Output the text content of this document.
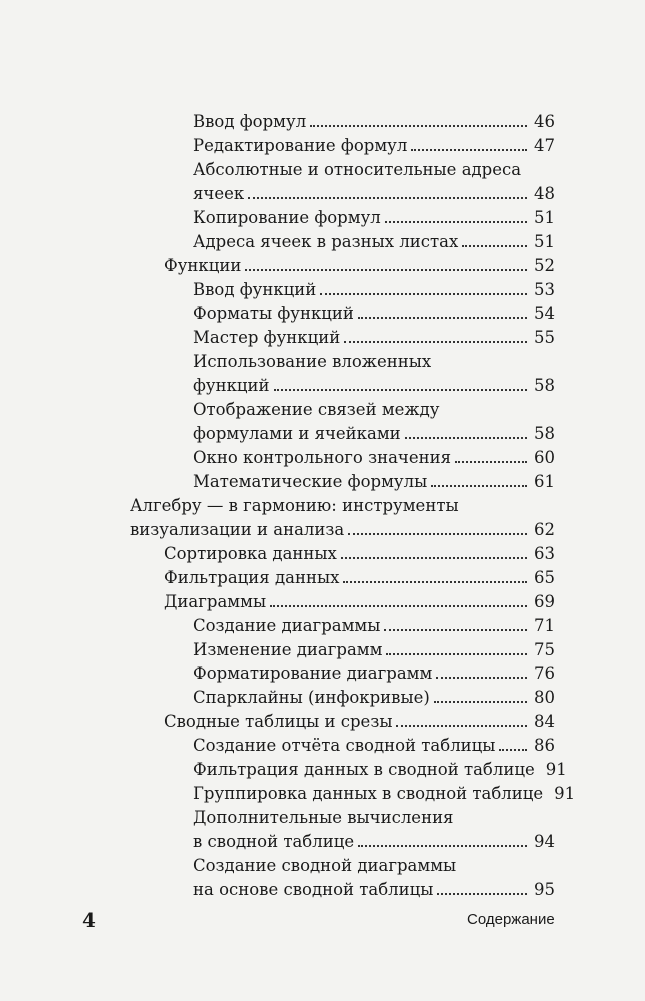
Ввод формул	46
Редактирование формул	47
Абсолютные и относительные адреса
ячеек	48
Копирование формул	51
Адреса ячеек в разных листах	51
Функции	52
Ввод функций	53
Форматы функций	54
Мастер функций	55
Использование вложенных
функций	58
Отображение связей между
формулами и ячейками	58
Окно контрольного значения	60
Математические формулы	61
Алгебру — в гармонию: инструменты
визуализации и анализа	62
Сортировка данных	63
Фильтрация данных	65
Диаграммы	69
Создание диаграммы	71
Изменение диаграмм	75
Форматирование диаграмм	76
Спарклайны (инфокривые)	80
Сводные таблицы и срезы	84
Создание отчёта сводной таблицы 86
Фильтрация данных в сводной таблице 91
Группировка данных в сводной таблице 91
Дополнительные вычисления
в сводной таблице	94
Создание сводной диаграммы
на основе сводной таблицы	95
4	Содержание
